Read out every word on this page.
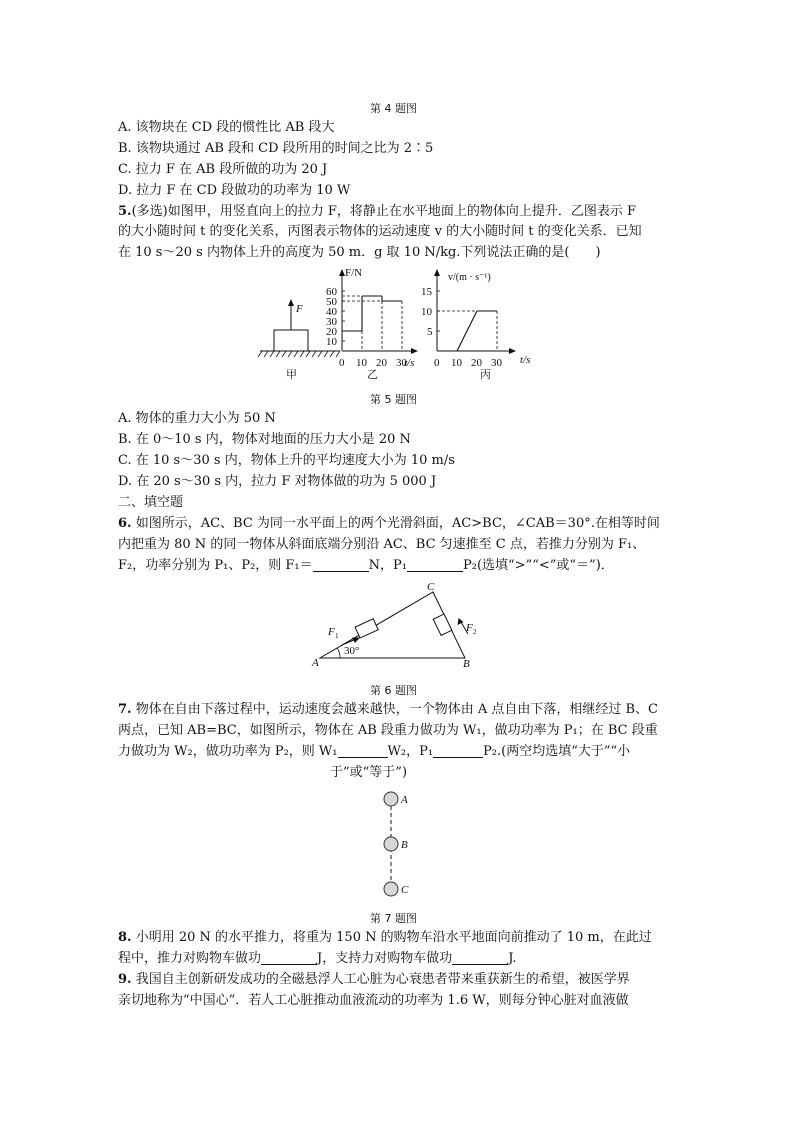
第 4 题图
A. 该物块在 CD 段的惯性比 AB 段大
B. 该物块通过 AB 段和 CD 段所用的时间之比为 2∶5
C. 拉力 F 在 AB 段所做的功为 20 J
D. 拉力 F 在 CD 段做功的功率为 10 W
5.(多选)如图甲，用竖直向上的拉力 F，将静止在水平地面上的物体向上提升．乙图表示 F
的大小随时间 t 的变化关系，丙图表示物体的运动速度 v 的大小随时间 t 的变化关系．已知
在 10 s～20 s 内物体上升的高度为 50 m．g 取 10 N/kg.下列说法正确的是(　　)
F
甲
F/N
t/s
乙
0 10 20 30
10
20
30
40
50
60
v/(m · s⁻¹)
t/s
丙
0 10 20 30
5
10
15
第 5 题图
A. 物体的重力大小为 50 N
B. 在 0～10 s 内，物体对地面的压力大小是 20 N
C. 在 10 s～30 s 内，物体上升的平均速度大小为 10 m/s
D. 在 20 s～30 s 内，拉力 F 对物体做的功为 5 000 J
二、填空题
6. 如图所示，AC、BC 为同一水平面上的两个光滑斜面，AC>BC，∠CAB＝30°.在相等时间
内把重为 80 N 的同一物体从斜面底端分别沿 AC、BC 匀速推至 C 点，若推力分别为 F₁、
F₂，功率分别为 P₁、P₂，则 F₁＝	N，P₁	P₂(选填“>”“<”或“＝”)．
30°
A	B
C
F 1
F 2
第 6 题图
7. 物体在自由下落过程中，运动速度会越来越快，一个物体由 A 点自由下落，相继经过 B、C
两点，已知 AB=BC，如图所示，物体在 AB 段重力做功为 W₁，做功功率为 P₁；在 BC 段重
力做功为 W₂，做功功率为 P₂，则 W₁	W₂，P₁	P₂.(两空均选填“大于”“小
于”或“等于”)
A
B
C
第 7 题图
8. 小明用 20 N 的水平推力，将重为 150 N 的购物车沿水平地面向前推动了 10 m，在此过
程中，推力对购物车做功	J，支持力对购物车做功	J.
9. 我国自主创新研发成功的全磁悬浮人工心脏为心衰患者带来重获新生的希望，被医学界
亲切地称为“中国心”．若人工心脏推动血液流动的功率为 1.6 W，则每分钟心脏对血液做
